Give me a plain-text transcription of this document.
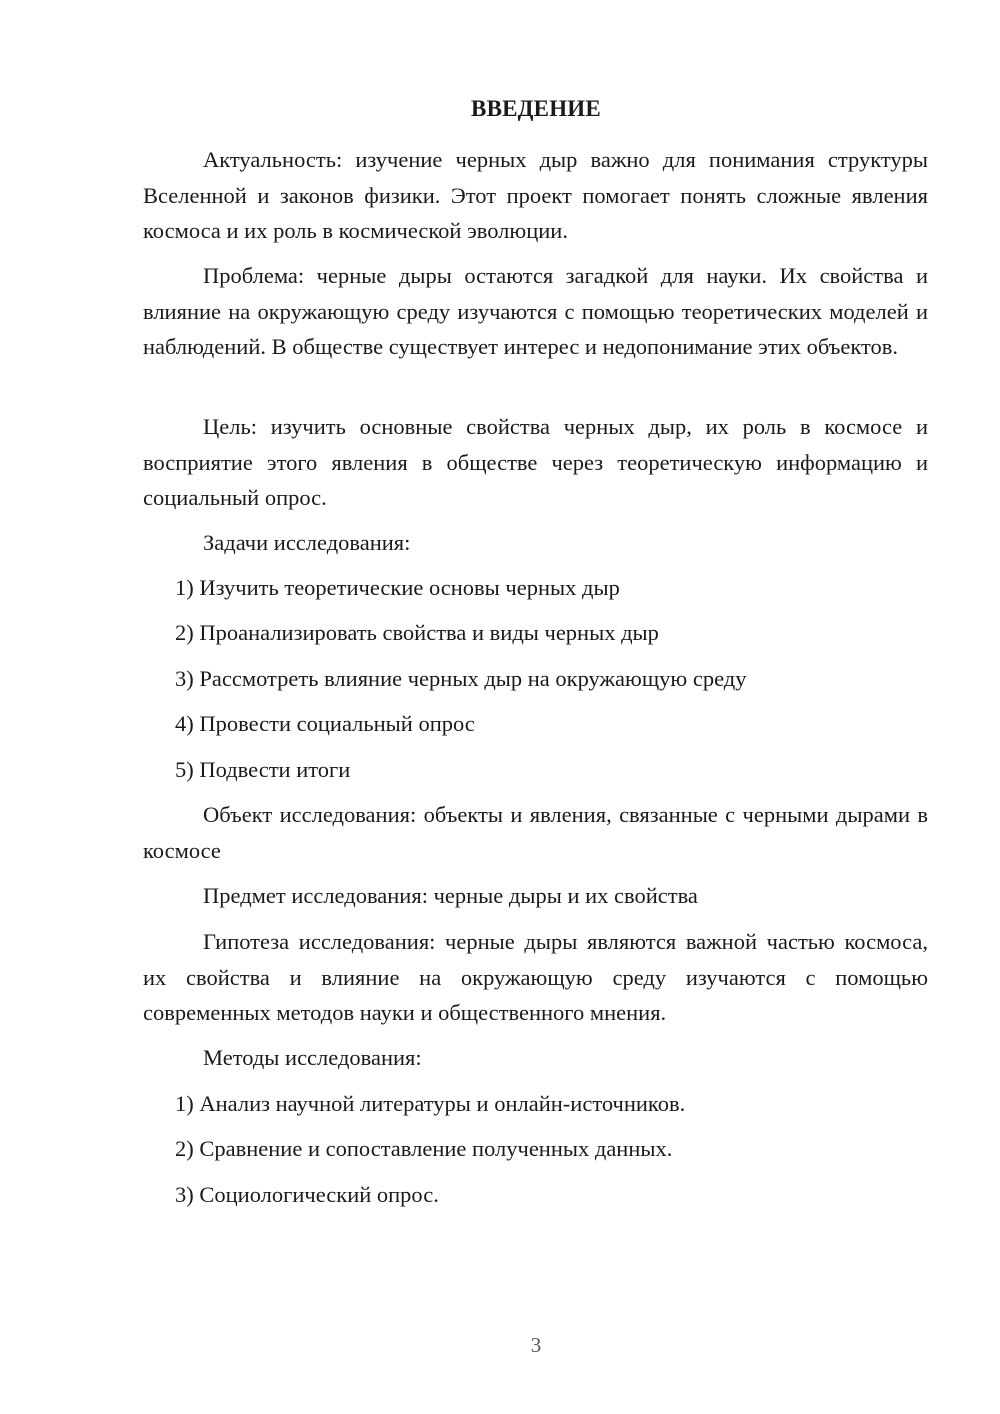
ВВЕДЕНИЕ

Актуальность: изучение черных дыр важно для понимания структуры Вселенной и законов физики. Этот проект помогает понять сложные явления космоса и их роль в космической эволюции.

Проблема: черные дыры остаются загадкой для науки. Их свойства и влияние на окружающую среду изучаются с помощью теоретических моделей и наблюдений. В обществе существует интерес и недопонимание этих объектов.

Цель: изучить основные свойства черных дыр, их роль в космосе и восприятие этого явления в обществе через теоретическую информацию и социальный опрос.

Задачи исследования:

1) Изучить теоретические основы черных дыр

2) Проанализировать свойства и виды черных дыр

3) Рассмотреть влияние черных дыр на окружающую среду

4) Провести социальный опрос

5) Подвести итоги

Объект исследования: объекты и явления, связанные с черными дырами в космосе

Предмет исследования: черные дыры и их свойства

Гипотеза исследования: черные дыры являются важной частью космоса, их свойства и влияние на окружающую среду изучаются с помощью современных методов науки и общественного мнения.

Методы исследования:

1) Анализ научной литературы и онлайн-источников.

2) Сравнение и сопоставление полученных данных.

3) Социологический опрос.

3
